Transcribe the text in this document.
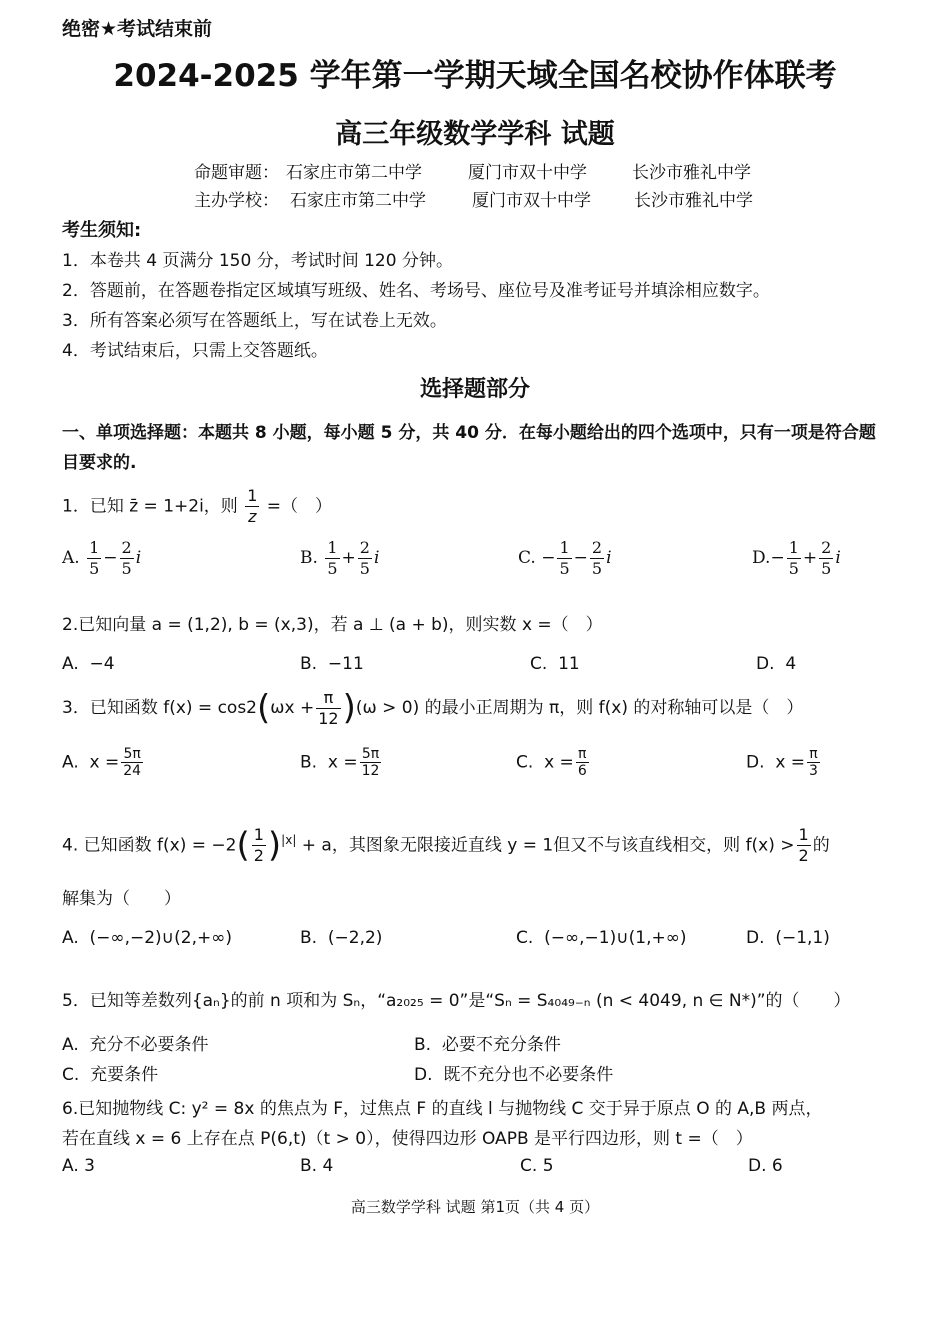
绝密★考试结束前
2024-2025 学年第一学期天域全国名校协作体联考
高三年级数学学科 试题
命题审题： 石家庄市第二中学	厦门市双十中学	长沙市雅礼中学
主办学校： 石家庄市第二中学	厦门市双十中学	长沙市雅礼中学
考生须知:
1．本卷共 4 页满分 150 分，考试时间 120 分钟。
2．答题前，在答题卷指定区域填写班级、姓名、考场号、座位号及准考证号并填涂相应数字。
3．所有答案必须写在答题纸上，写在试卷上无效。
4．考试结束后，只需上交答题纸。
选择题部分
一、单项选择题：本题共 8 小题，每小题 5 分，共 40 分．在每小题给出的四个选项中，只有一项是符合题目要求的.
1．已知 z̄ = 1+2i，则 $\frac{1}{z}$ =（　）
A. $\frac{1}{5} - \frac{2}{5}$ i	B. $\frac{1}{5} + \frac{2}{5}$ i	C. − $\frac{1}{5} - \frac{2}{5}$ i	$D.- \frac{1}{5} + \frac{2}{5}$ i
2.已知向量 a = (1,2), b = (x,3)，若 a ⊥ (a + b)，则实数 x =（　）
A. −4	B. −11	C. 11	D. 4
3．已知函数 $f(x) = \cos 2(\omega x + \frac{\pi}{12} )(\omega > 0)$ 的最小正周期为 π，则 f(x) 的对称轴可以是（　）
A. $x = \frac{5\pi}{24}$	B. $x = \frac{5\pi}{12}$	C. $x = \frac{\pi}{6}$	D. $x = \frac{\pi}{3}$
4. 已知函数 $f(x) = -2( \frac{1}{2} )^{|x|} + a$，其图象无限接近直线 y = 1但又不与该直线相交，则 $f(x) > \frac{1}{2}$ 的
解集为（　　）
A. (−∞,−2)∪(2,+∞)	B. (−2,2)	C. (−∞,−1)∪(1,+∞)	D. (−1,1)
5．已知等差数列{aₙ}的前 n 项和为 Sₙ，“a₂₀₂₅ = 0”是“Sₙ = S₄₀₄₉₋ₙ (n < 4049, n ∈ N*)”的（　　）
A. 充分不必要条件	B. 必要不充分条件
C. 充要条件	D. 既不充分也不必要条件
6.已知抛物线 C: y² = 8x 的焦点为 F，过焦点 F 的直线 l 与抛物线 C 交于异于原点 O 的 A,B 两点，
若在直线 x = 6 上存在点 P(6,t)（t > 0），使得四边形 OAPB 是平行四边形，则 t =（　）
A. 3	B. 4	C. 5	D. 6
高三数学学科 试题 第1页（共 4 页）
